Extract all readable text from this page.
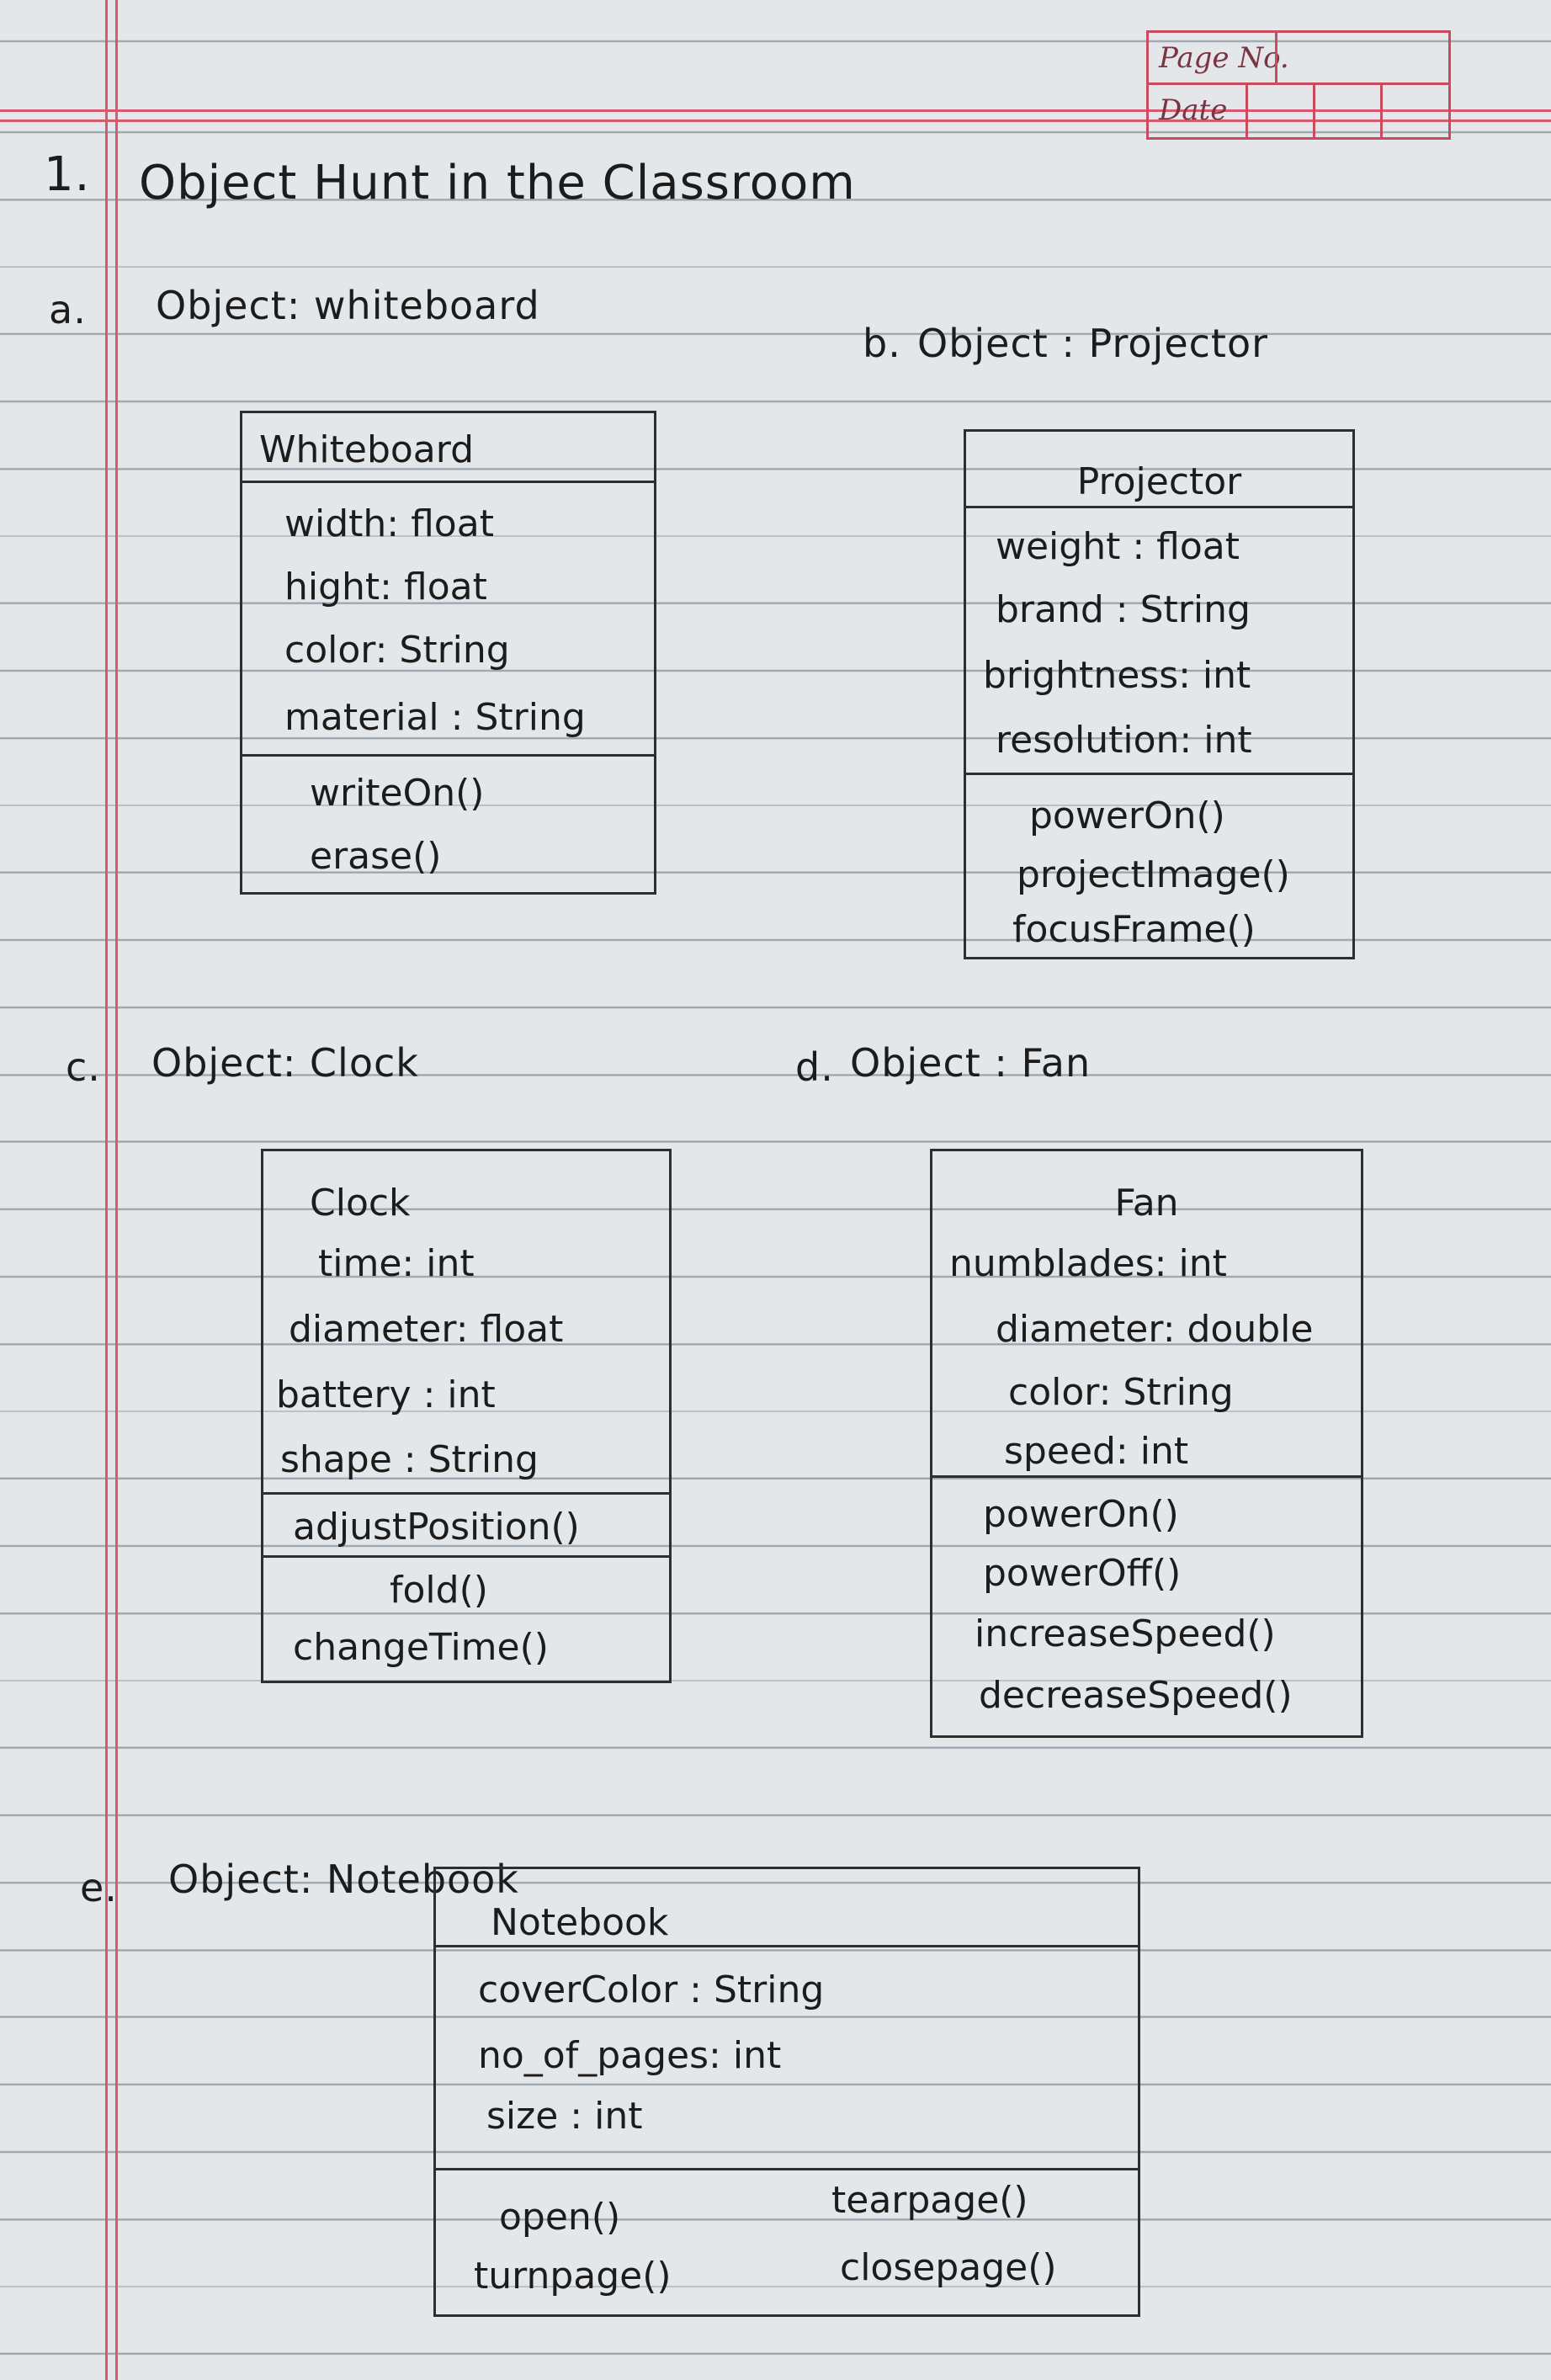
Page No.
Date
1. Object Hunt in the Classroom
a. Object: whiteboard
Whiteboard
width: float
hight: float
color: String
material : String
writeOn()
erase()
b. Object : Projector
Projector
weight : float
brand : String
brightness: int
resolution: int
powerOn()
projectImage()
focusFrame()
c. Object: Clock
Clock
time: int
diameter: float
battery : int
shape : String
adjustPosition()
fold()
changeTime()
d. Object : Fan
Fan
numblades: int
diameter: double
color: String
speed: int
powerOn()
powerOff()
increaseSpeed()
decreaseSpeed()
e. Object: Notebook
Notebook
coverColor : String
no_of_pages: int
size : int
open()	tearpage()
turnpage()	closepage()
